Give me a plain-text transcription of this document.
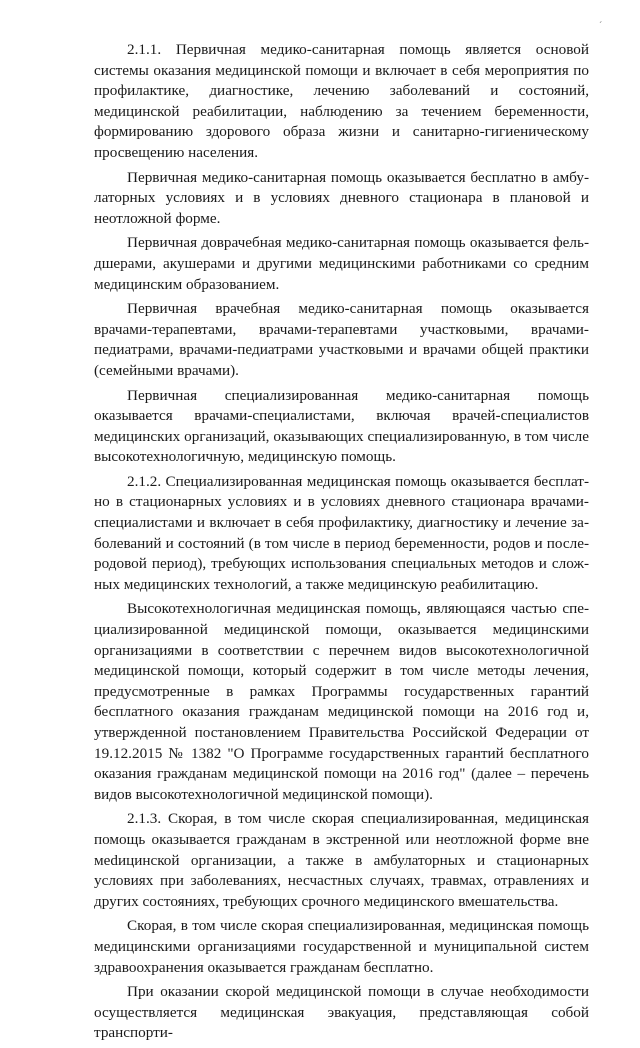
ˏ

2.1.1. Первичная медико-санитарная помощь является основой системы оказания медицинской помощи и включает в себя мероприятия по профилактике, диагностике, лечению заболеваний и состояний, медицинской реабилитации, наблюдению за течением беременности, формированию здорового образа жизни и санитарно-гигиеническому просвещению населения.

Первичная медико-санитарная помощь оказывается бесплатно в амбулаторных условиях и в условиях дневного стационара в плановой и неотложной форме.

Первичная доврачебная медико-санитарная помощь оказывается фельдшерами, акушерами и другими медицинскими работниками со средним медицинским образованием.

Первичная врачебная медико-санитарная помощь оказывается врачами-терапевтами, врачами-терапевтами участковыми, врачами-педиатрами, врачами-педиатрами участковыми и врачами общей практики (семейными врачами).

Первичная специализированная медико-санитарная помощь оказывается врачами-специалистами, включая врачей-специалистов медицинских организаций, оказывающих специализированную, в том числе высокотехнологичную, медицинскую помощь.

2.1.2. Специализированная медицинская помощь оказывается бесплатно в стационарных условиях и в условиях дневного стационара врачами-специалистами и включает в себя профилактику, диагностику и лечение заболеваний и состояний (в том числе в период беременности, родов и послеродовой период), требующих использования специальных методов и сложных медицинских технологий, а также медицинскую реабилитацию.

Высокотехнологичная медицинская помощь, являющаяся частью специализированной медицинской помощи, оказывается медицинскими организациями в соответствии с перечнем видов высокотехнологичной медицинской помощи, который содержит в том числе методы лечения, предусмотренные в рамках Программы государственных гарантий бесплатного оказания гражданам медицинской помощи на 2016 год и, утвержденной постановлением Правительства Российской Федерации от 19.12.2015 № 1382 "О Программе государственных гарантий бесплатного оказания гражданам медицинской помощи на 2016 год" (далее – перечень видов высокотехнологичной медицинской помощи).

2.1.3. Скорая, в том числе скорая специализированная, медицинская помощь оказывается гражданам в экстренной или неотложной форме вне меdицинской организации, а также в амбулаторных и стационарных условиях при заболеваниях, несчастных случаях, травмах, отравлениях и других состояниях, требующих срочного медицинского вмешательства.

Скорая, в том числе скорая специализированная, медицинская помощь медицинскими организациями государственной и муниципальной систем здравоохранения оказывается гражданам бесплатно.

При оказании скорой медицинской помощи в случае необходимости осуществляется медицинская эвакуация, представляющая собой транспорти-
